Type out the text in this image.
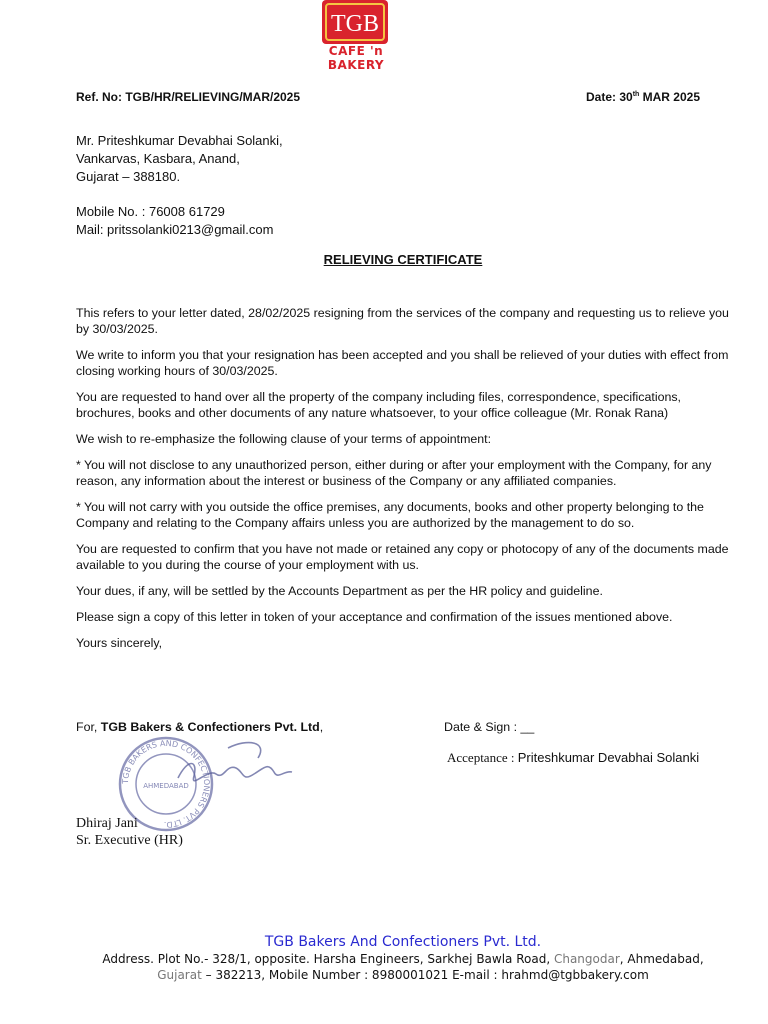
TGB
CAFE 'n BAKERY
Ref. No: TGB/HR/RELIEVING/MAR/2025	Date: 30th MAR 2025
Mr. Priteshkumar Devabhai Solanki,
Vankarvas, Kasbara, Anand,
Gujarat – 388180.
Mobile No. : 76008 61729
Mail: pritssolanki0213@gmail.com
RELIEVING CERTIFICATE

This refers to your letter dated, 28/02/2025 resigning from the services of the company and requesting us to relieve you by 30/03/2025.

We write to inform you that your resignation has been accepted and you shall be relieved of your duties with effect from closing working hours of 30/03/2025.

You are requested to hand over all the property of the company including files, correspondence, specifications, brochures, books and other documents of any nature whatsoever, to your office colleague (Mr. Ronak Rana)

We wish to re-emphasize the following clause of your terms of appointment:

* You will not disclose to any unauthorized person, either during or after your employment with the Company, for any reason, any information about the interest or business of the Company or any affiliated companies.

* You will not carry with you outside the office premises, any documents, books and other property belonging to the Company and relating to the Company affairs unless you are authorized by the management to do so.

You are requested to confirm that you have not made or retained any copy or photocopy of any of the documents made available to you during the course of your employment with us.

Your dues, if any, will be settled by the Accounts Department as per the HR policy and guideline.

Please sign a copy of this letter in token of your acceptance and confirmation of the issues mentioned above.

Yours sincerely,

For, TGB Bakers & Confectioners Pvt. Ltd,	Date & Sign : __
Acceptance : Priteshkumar Devabhai Solanki
TGB BAKERS AND CONFECTIONERS PVT. LTD.
AHMEDABAD
Dhiraj Jani
Sr. Executive (HR)
TGB Bakers And Confectioners Pvt. Ltd.
Address. Plot No.- 328/1, opposite. Harsha Engineers, Sarkhej Bawla Road, Changodar, Ahmedabad,
Gujarat – 382213, Mobile Number : 8980001021 E-mail : hrahmd@tgbbakery.com
